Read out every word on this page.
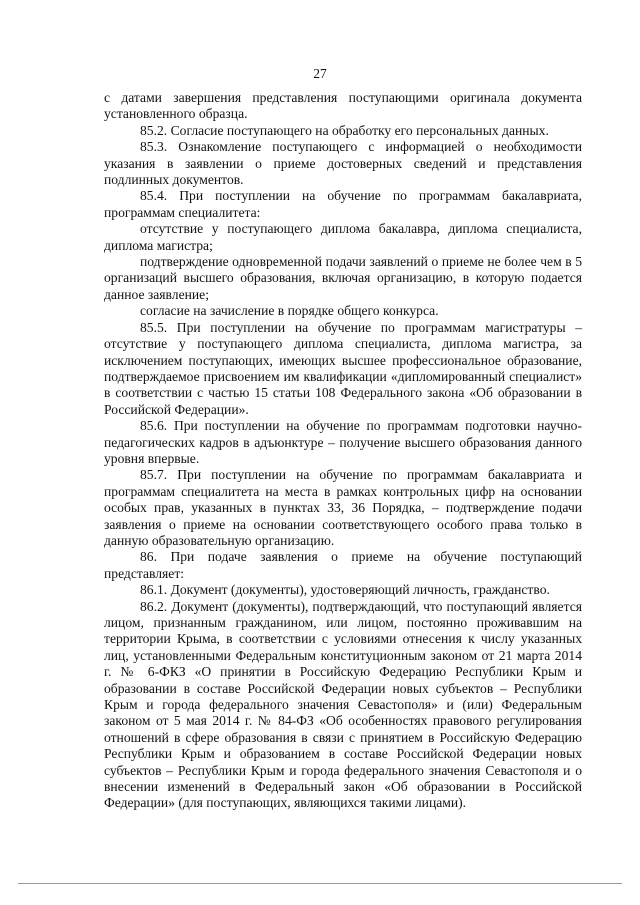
27

с датами завершения представления поступающими оригинала документа установленного образца.

85.2. Согласие поступающего на обработку его персональных данных.

85.3. Ознакомление поступающего с информацией о необходимости указания в заявлении о приеме достоверных сведений и представления подлинных документов.

85.4. При поступлении на обучение по программам бакалавриата, программам специалитета:

отсутствие у поступающего диплома бакалавра, диплома специалиста, диплома магистра;

подтверждение одновременной подачи заявлений о приеме не более чем в 5 организаций высшего образования, включая организацию, в которую подается данное заявление;

согласие на зачисление в порядке общего конкурса.

85.5. При поступлении на обучение по программам магистратуры – отсутствие у поступающего диплома специалиста, диплома магистра, за исключением поступающих, имеющих высшее профессиональное образование, подтверждаемое присвоением им квалификации «дипломированный специалист» в соответствии с частью 15 статьи 108 Федерального закона «Об образовании в Российской Федерации».

85.6. При поступлении на обучение по программам подготовки научно-педагогических кадров в адъюнктуре – получение высшего образования данного уровня впервые.

85.7. При поступлении на обучение по программам бакалавриата и программам специалитета на места в рамках контрольных цифр на основании особых прав, указанных в пунктах 33, 36 Порядка, – подтверждение подачи заявления о приеме на основании соответствующего особого права только в данную образовательную организацию.

86. При подаче заявления о приеме на обучение поступающий представляет:

86.1. Документ (документы), удостоверяющий личность, гражданство.

86.2. Документ (документы), подтверждающий, что поступающий является лицом, признанным гражданином, или лицом, постоянно проживавшим на территории Крыма, в соответствии с условиями отнесения к числу указанных лиц, установленными Федеральным конституционным законом от 21 марта 2014 г. № 6-ФКЗ «О принятии в Российскую Федерацию Республики Крым и образовании в составе Российской Федерации новых субъектов – Республики Крым и города федерального значения Севастополя» и (или) Федеральным законом от 5 мая 2014 г. № 84-ФЗ «Об особенностях правового регулирования отношений в сфере образования в связи с принятием в Российскую Федерацию Республики Крым и образованием в составе Российской Федерации новых субъектов – Республики Крым и города федерального значения Севастополя и о внесении изменений в Федеральный закон «Об образовании в Российской Федерации» (для поступающих, являющихся такими лицами).
